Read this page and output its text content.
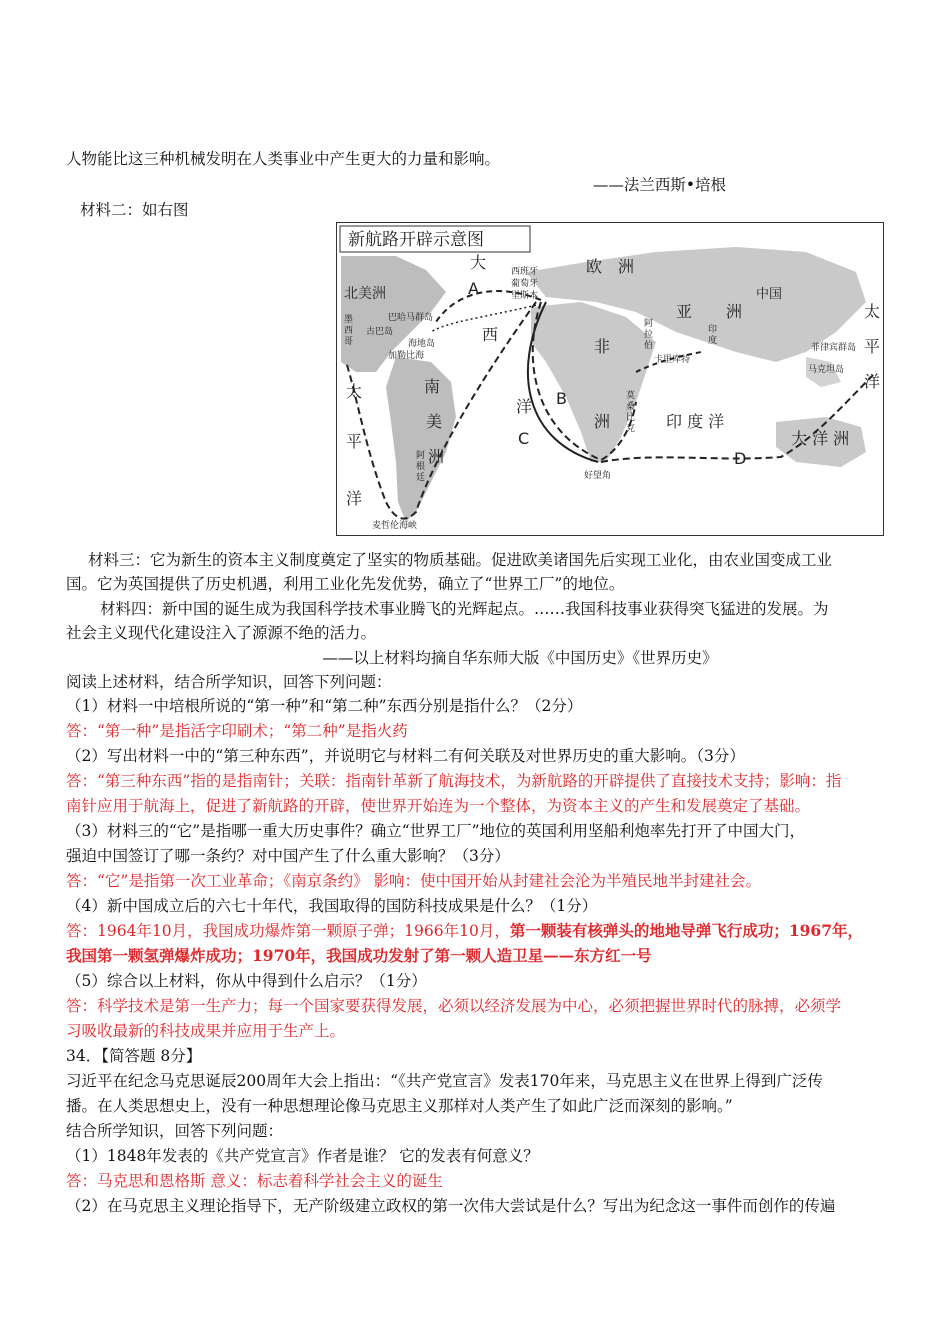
人物能比这三种机械发明在人类事业中产生更大的力量和影响。
——法兰西斯•培根
材料二：如右图
新航路开辟示意图
大
西
洋
北美洲
欧 洲
亚 洲
中国
非
洲
南
美
洲
太
平
洋
太
平
洋
印 度 洋
大 洋 洲
西班牙
葡萄牙
里斯本
巴哈马群岛
古巴岛
海地岛
加勒比海
墨
西
哥
阿
拉
伯
印
度
卡里库特
菲律宾群岛
马克坦岛
莫
桑
比
克
好望角
阿
根
廷
麦哲伦海峡
A
B
C
D
材料三：它为新生的资本主义制度奠定了坚实的物质基础。促进欧美诸国先后实现工业化，由农业国变成工业
国。它为英国提供了历史机遇，利用工业化先发优势，确立了“世界工厂”的地位。
材料四：新中国的诞生成为我国科学技术事业腾飞的光辉起点。……我国科技事业获得突飞猛进的发展。为
社会主义现代化建设注入了源源不绝的活力。
——以上材料均摘自华东师大版《中国历史》《世界历史》
阅读上述材料，结合所学知识，回答下列问题：
（1）材料一中培根所说的“第一种”和“第二种”东西分别是指什么？（2分）
答：“第一种”是指活字印刷术；“第二种”是指火药
（2）写出材料一中的“第三种东西”，并说明它与材料二有何关联及对世界历史的重大影响。（3分）
答：“第三种东西”指的是指南针；关联：指南针革新了航海技术，为新航路的开辟提供了直接技术支持；影响：指
南针应用于航海上，促进了新航路的开辟，使世界开始连为一个整体，为资本主义的产生和发展奠定了基础。
（3）材料三的“它”是指哪一重大历史事件？确立“世界工厂”地位的英国利用坚船利炮率先打开了中国大门，
强迫中国签订了哪一条约？对中国产生了什么重大影响？（3分）
答：“它”是指第一次工业革命；《南京条约》 影响：使中国开始从封建社会沦为半殖民地半封建社会。
（4）新中国成立后的六七十年代，我国取得的国防科技成果是什么？（1分）
答：1964年10月，我国成功爆炸第一颗原子弹；1966年10月，第一颗装有核弹头的地地导弹飞行成功；1967年，
我国第一颗氢弹爆炸成功；1970年，我国成功发射了第一颗人造卫星——东方红一号
（5）综合以上材料，你从中得到什么启示？（1分）
答：科学技术是第一生产力；每一个国家要获得发展，必须以经济发展为中心，必须把握世界时代的脉搏，必须学
习吸收最新的科技成果并应用于生产上。
34．【简答题 8分】
习近平在纪念马克思诞辰200周年大会上指出：“《共产党宣言》发表170年来，马克思主义在世界上得到广泛传
播。在人类思想史上，没有一种思想理论像马克思主义那样对人类产生了如此广泛而深刻的影响。”
结合所学知识，回答下列问题：
（1）1848年发表的《共产党宣言》作者是谁？ 它的发表有何意义？
答：马克思和恩格斯 意义：标志着科学社会主义的诞生
（2）在马克思主义理论指导下，无产阶级建立政权的第一次伟大尝试是什么？写出为纪念这一事件而创作的传遍
